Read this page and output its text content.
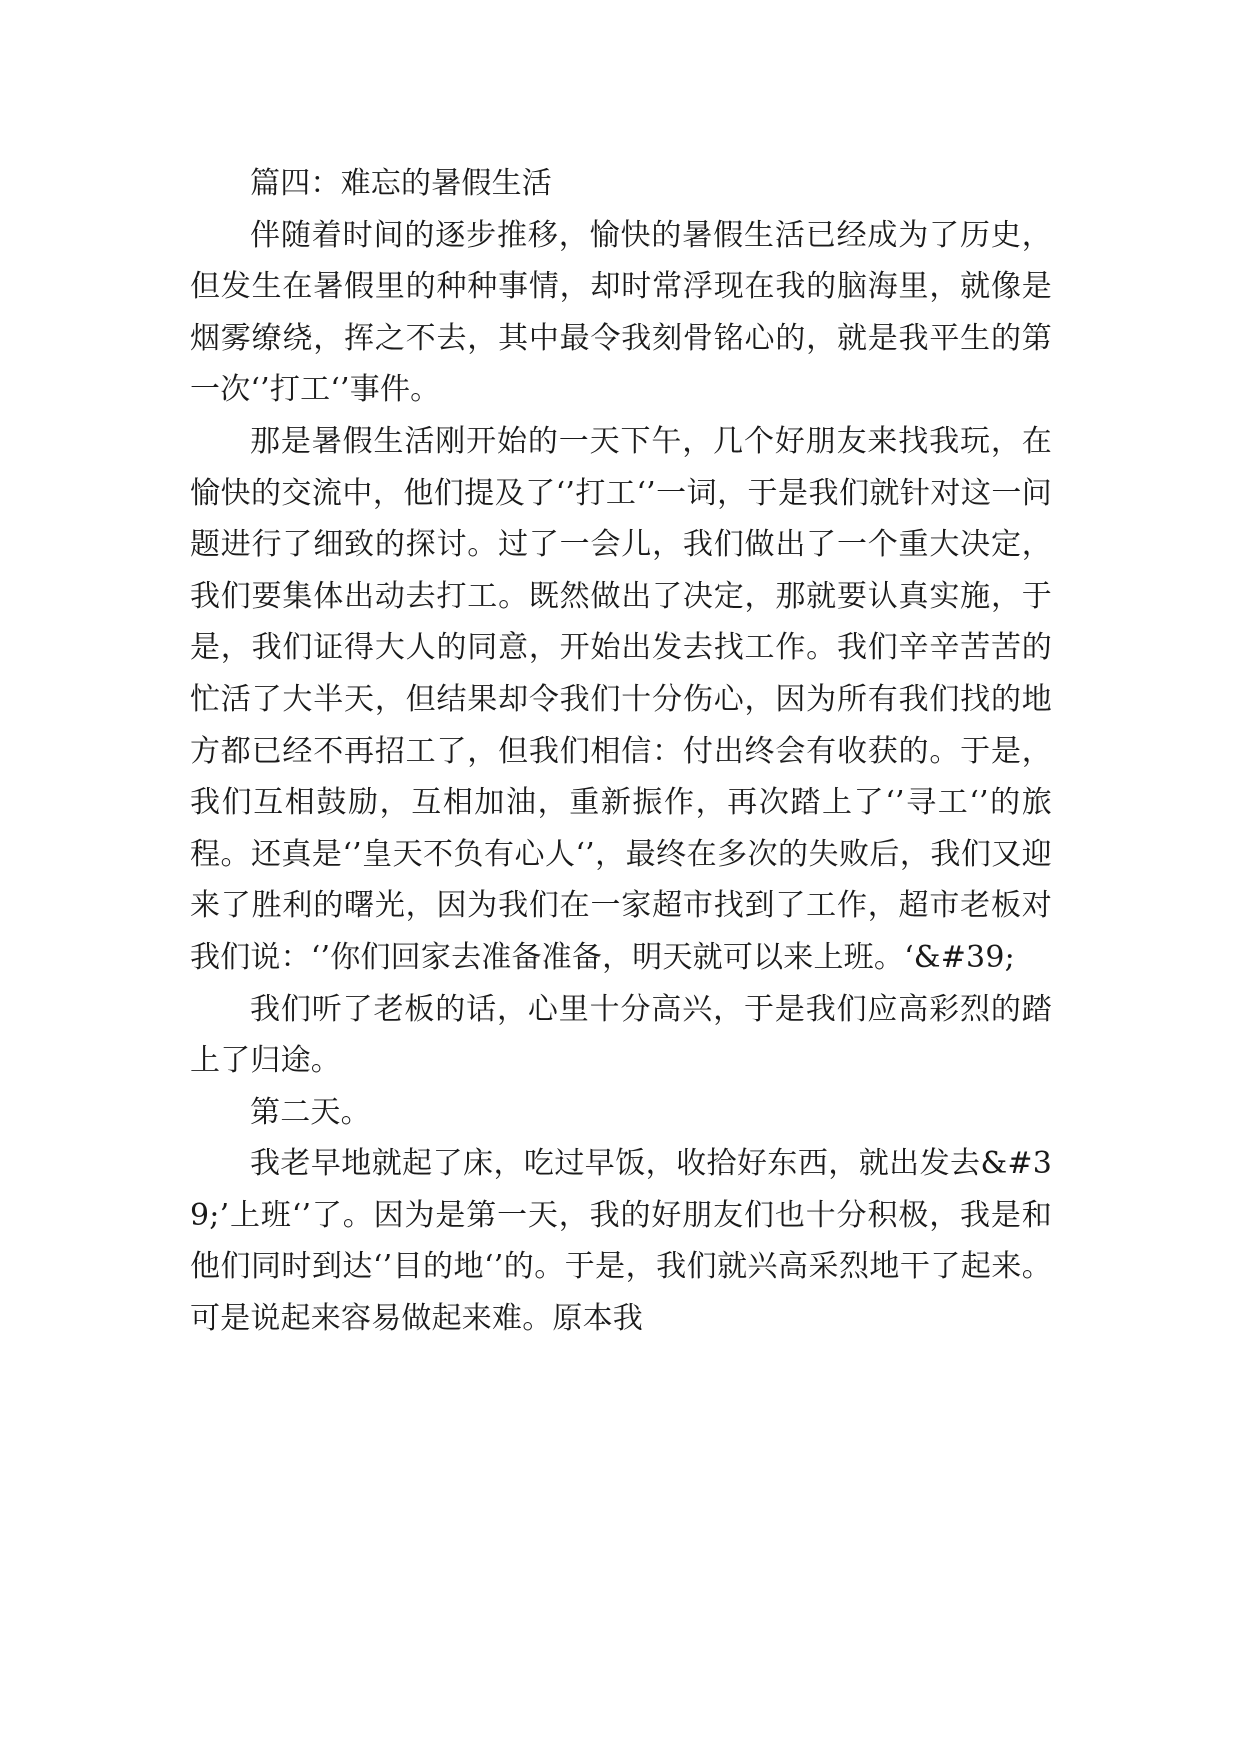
篇四：难忘的暑假生活

伴随着时间的逐步推移，愉快的暑假生活已经成为了历史，但发生在暑假里的种种事情，却时常浮现在我的脑海里，就像是烟雾缭绕，挥之不去，其中最令我刻骨铭心的，就是我平生的第一次‘’打工‘’事件。

那是暑假生活刚开始的一天下午，几个好朋友来找我玩，在愉快的交流中，他们提及了‘’打工‘’一词，于是我们就针对这一问题进行了细致的探讨。过了一会儿，我们做出了一个重大决定，我们要集体出动去打工。既然做出了决定，那就要认真实施，于是，我们证得大人的同意，开始出发去找工作。我们辛辛苦苦的忙活了大半天，但结果却令我们十分伤心，因为所有我们找的地方都已经不再招工了，但我们相信：付出终会有收获的。于是，我们互相鼓励，互相加油，重新振作，再次踏上了‘’寻工‘’的旅程。还真是‘’皇天不负有心人‘’，最终在多次的失败后，我们又迎来了胜利的曙光，因为我们在一家超市找到了工作，超市老板对我们说：‘’你们回家去准备准备，明天就可以来上班。‘&#39;

我们听了老板的话，心里十分高兴，于是我们应高彩烈的踏上了归途。

第二天。

我老早地就起了床，吃过早饭，收拾好东西，就出发去&#39;’上班‘’了。因为是第一天，我的好朋友们也十分积极，我是和他们同时到达‘’目的地‘’的。于是，我们就兴高采烈地干了起来。可是说起来容易做起来难。原本我
